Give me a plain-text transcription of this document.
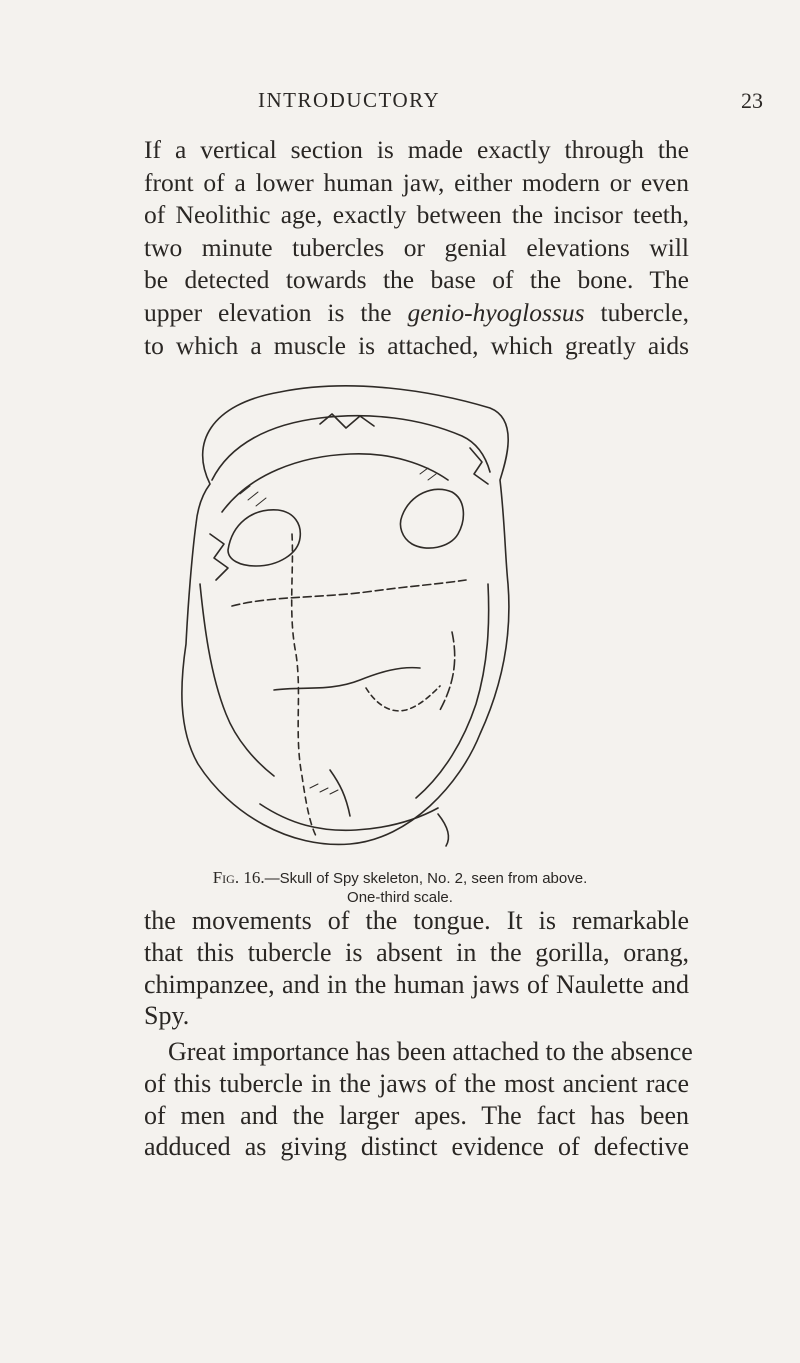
INTRODUCTORY	23

If a vertical section is made exactly through the
front of a lower human jaw, either modern or even
of Neolithic age, exactly between the incisor teeth,
two minute tubercles or genial elevations will
be detected towards the base of the bone. The
upper elevation is the genio-hyoglossus tubercle,
to which a muscle is attached, which greatly aids

Fig. 16.—Skull of Spy skeleton, No. 2, seen from above.
One-third scale.

the movements of the tongue. It is remarkable
that this tubercle is absent in the gorilla, orang,
chimpanzee, and in the human jaws of Naulette and
Spy.

Great importance has been attached to the absence
of this tubercle in the jaws of the most ancient race
of men and the larger apes. The fact has been
adduced as giving distinct evidence of defective
